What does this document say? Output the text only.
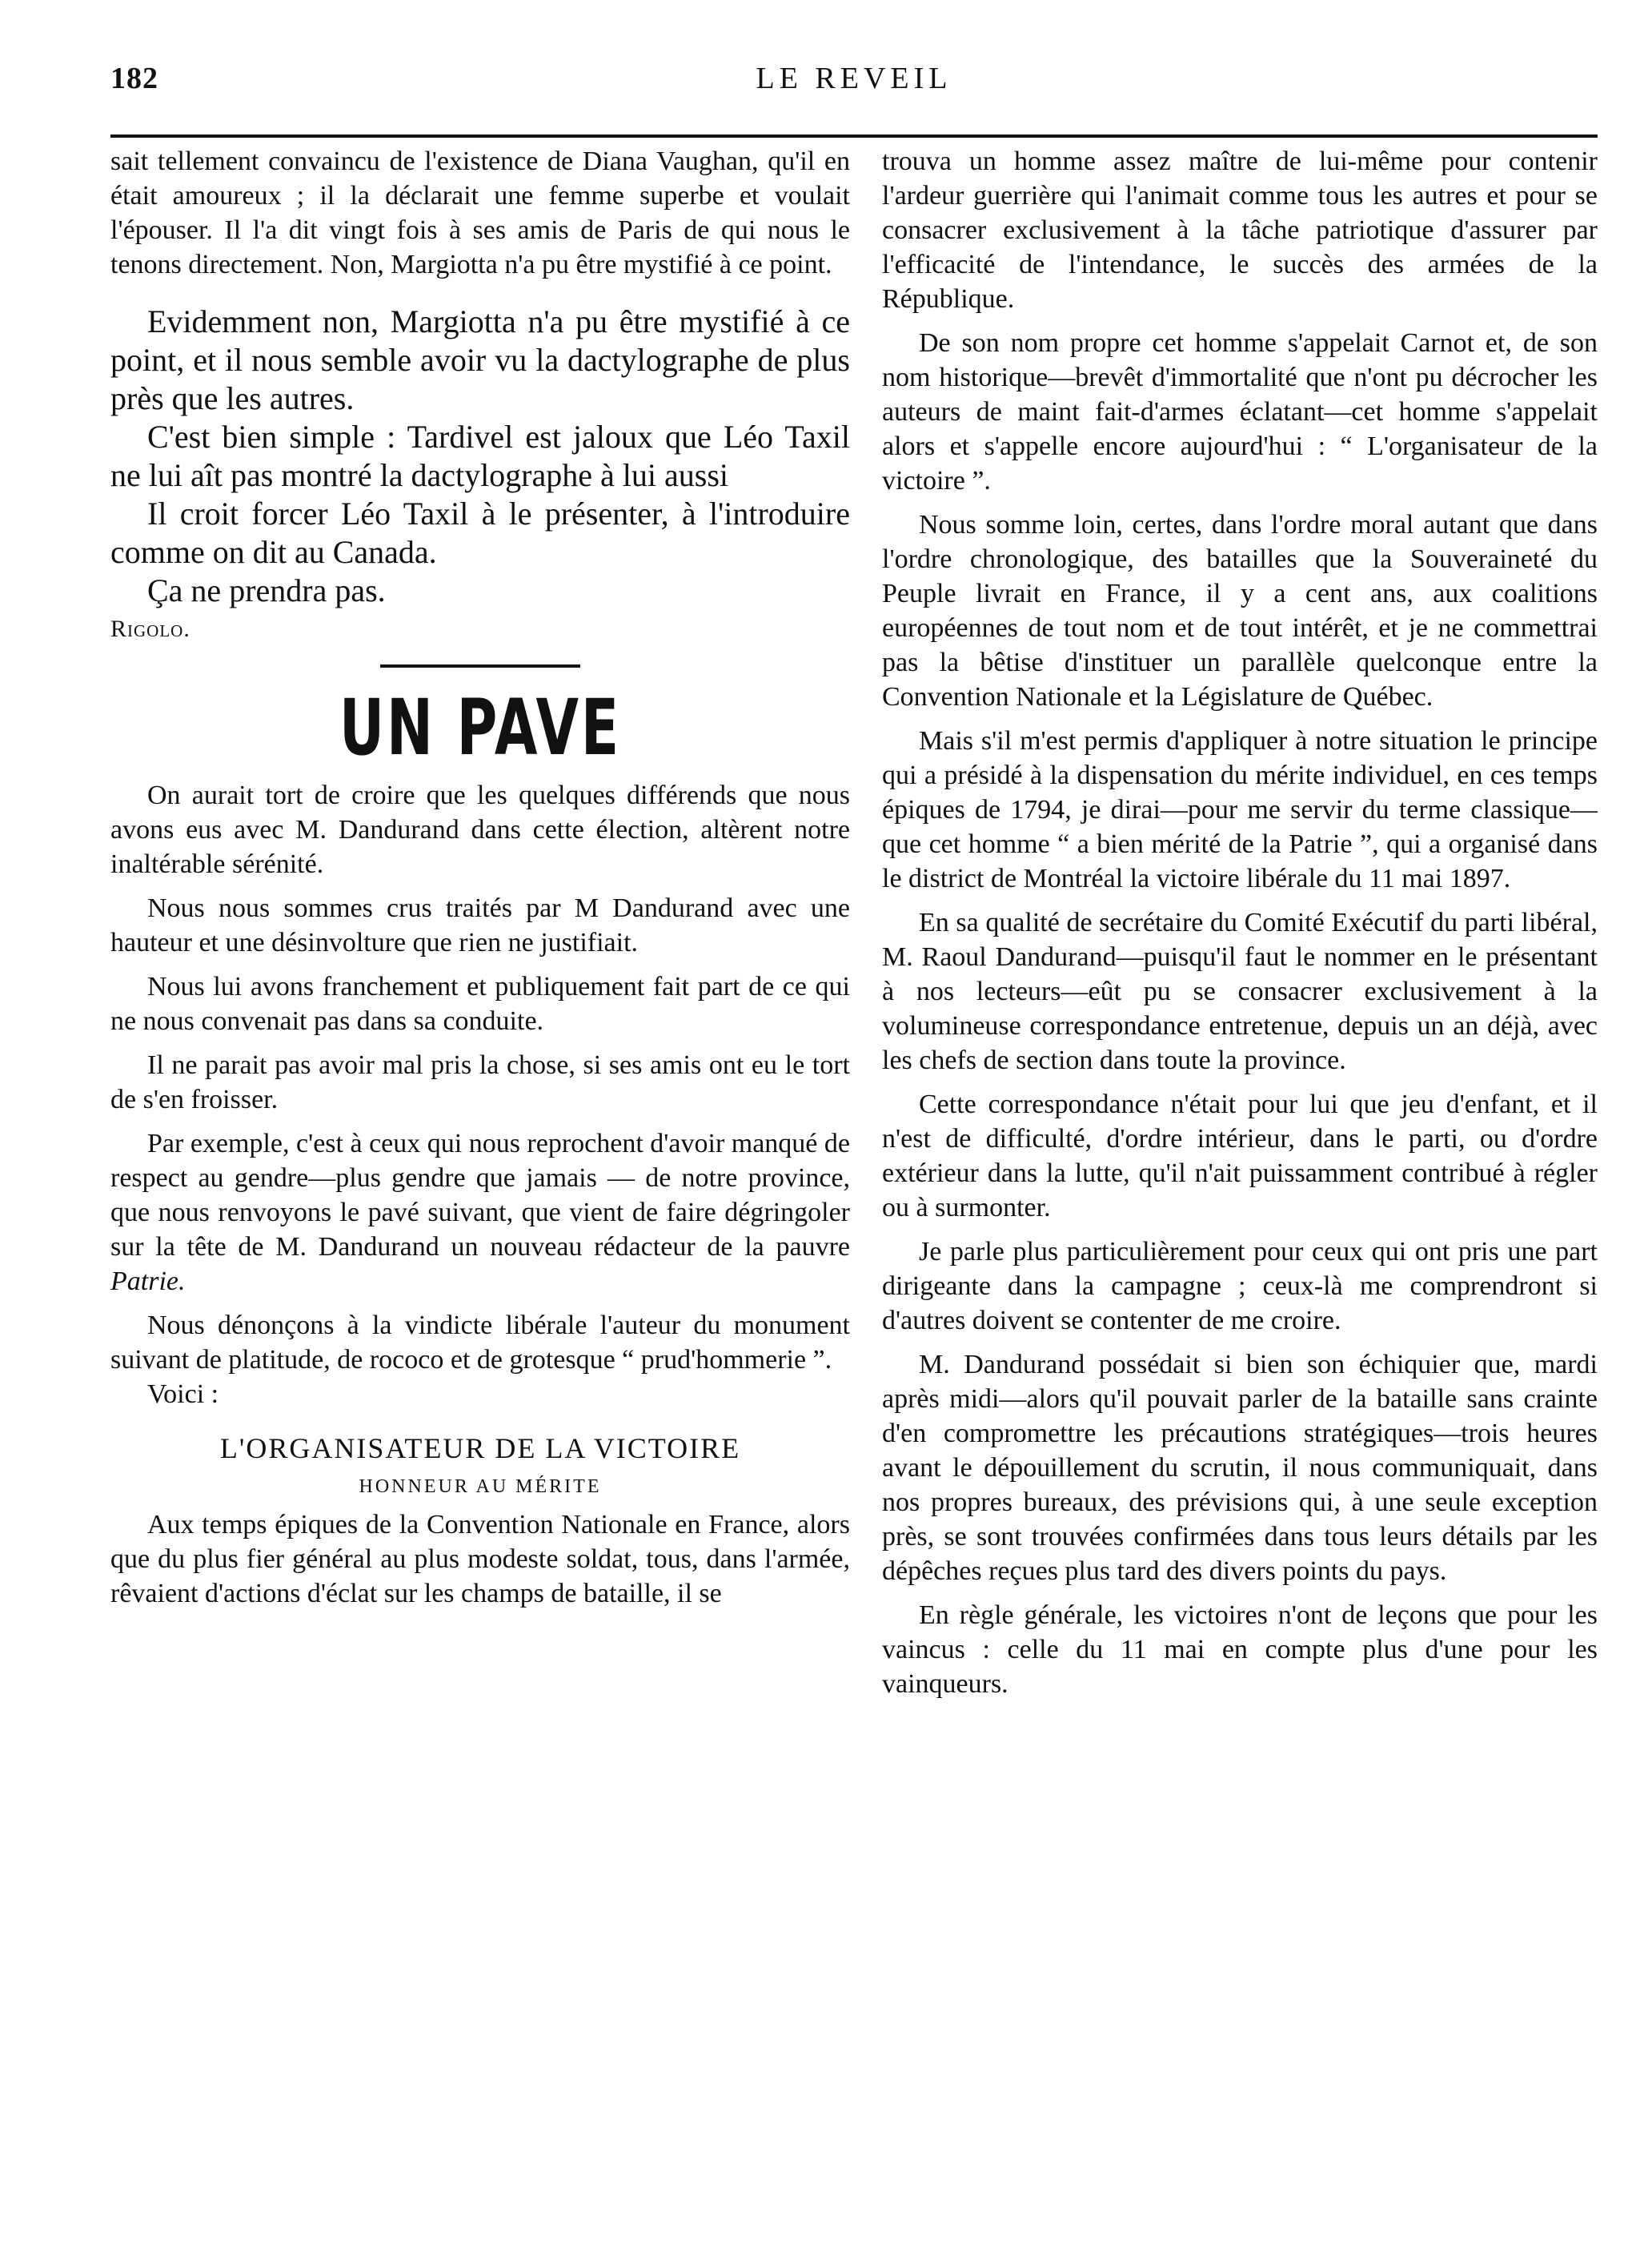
182	LE REVEIL

sait tellement convaincu de l'existence de Diana Vaughan, qu'il en était amoureux ; il la déclarait une femme superbe et voulait l'épouser. Il l'a dit vingt fois à ses amis de Paris de qui nous le tenons directement. Non, Margiotta n'a pu être mystifié à ce point.

Evidemment non, Margiotta n'a pu être mystifié à ce point, et il nous semble avoir vu la dactylographe de plus près que les autres.

C'est bien simple : Tardivel est jaloux que Léo Taxil ne lui aît pas montré la dactylographe à lui aussi

Il croit forcer Léo Taxil à le présenter, à l'introduire comme on dit au Canada.

Ça ne prendra pas.

Rigolo.

UN PAVE

On aurait tort de croire que les quelques différends que nous avons eus avec M. Dandurand dans cette élection, altèrent notre inaltérable sérénité.

Nous nous sommes crus traités par M Dandurand avec une hauteur et une désinvolture que rien ne justifiait.

Nous lui avons franchement et publiquement fait part de ce qui ne nous convenait pas dans sa conduite.

Il ne parait pas avoir mal pris la chose, si ses amis ont eu le tort de s'en froisser.

Par exemple, c'est à ceux qui nous reprochent d'avoir manqué de respect au gendre—plus gendre que jamais — de notre province, que nous renvoyons le pavé suivant, que vient de faire dégringoler sur la tête de M. Dandurand un nouveau rédacteur de la pauvre Patrie.

Nous dénonçons à la vindicte libérale l'auteur du monument suivant de platitude, de rococo et de grotesque “ prud'hommerie ”.

Voici :

L'ORGANISATEUR DE LA VICTOIRE
HONNEUR AU MÉRITE

Aux temps épiques de la Convention Nationale en France, alors que du plus fier général au plus modeste soldat, tous, dans l'armée, rêvaient d'actions d'éclat sur les champs de bataille, il se

trouva un homme assez maître de lui-même pour contenir l'ardeur guerrière qui l'animait comme tous les autres et pour se consacrer exclusivement à la tâche patriotique d'assurer par l'efficacité de l'intendance, le succès des armées de la République.

De son nom propre cet homme s'appelait Carnot et, de son nom historique—brevêt d'immortalité que n'ont pu décrocher les auteurs de maint fait-d'armes éclatant—cet homme s'appelait alors et s'appelle encore aujourd'hui : “ L'organisateur de la victoire ”.

Nous somme loin, certes, dans l'ordre moral autant que dans l'ordre chronologique, des batailles que la Souveraineté du Peuple livrait en France, il y a cent ans, aux coalitions européennes de tout nom et de tout intérêt, et je ne commettrai pas la bêtise d'instituer un parallèle quelconque entre la Convention Nationale et la Législature de Québec.

Mais s'il m'est permis d'appliquer à notre situation le principe qui a présidé à la dispensation du mérite individuel, en ces temps épiques de 1794, je dirai—pour me servir du terme classique—que cet homme “ a bien mérité de la Patrie ”, qui a organisé dans le district de Montréal la victoire libérale du 11 mai 1897.

En sa qualité de secrétaire du Comité Exécutif du parti libéral, M. Raoul Dandurand—puisqu'il faut le nommer en le présentant à nos lecteurs—eût pu se consacrer exclusivement à la volumineuse correspondance entretenue, depuis un an déjà, avec les chefs de section dans toute la province.

Cette correspondance n'était pour lui que jeu d'enfant, et il n'est de difficulté, d'ordre intérieur, dans le parti, ou d'ordre extérieur dans la lutte, qu'il n'ait puissamment contribué à régler ou à surmonter.

Je parle plus particulièrement pour ceux qui ont pris une part dirigeante dans la campagne ; ceux-là me comprendront si d'autres doivent se contenter de me croire.

M. Dandurand possédait si bien son échiquier que, mardi après midi—alors qu'il pouvait parler de la bataille sans crainte d'en compromettre les précautions stratégiques—trois heures avant le dépouillement du scrutin, il nous communiquait, dans nos propres bureaux, des prévisions qui, à une seule exception près, se sont trouvées confirmées dans tous leurs détails par les dépêches reçues plus tard des divers points du pays.

En règle générale, les victoires n'ont de leçons que pour les vaincus : celle du 11 mai en compte plus d'une pour les vainqueurs.
